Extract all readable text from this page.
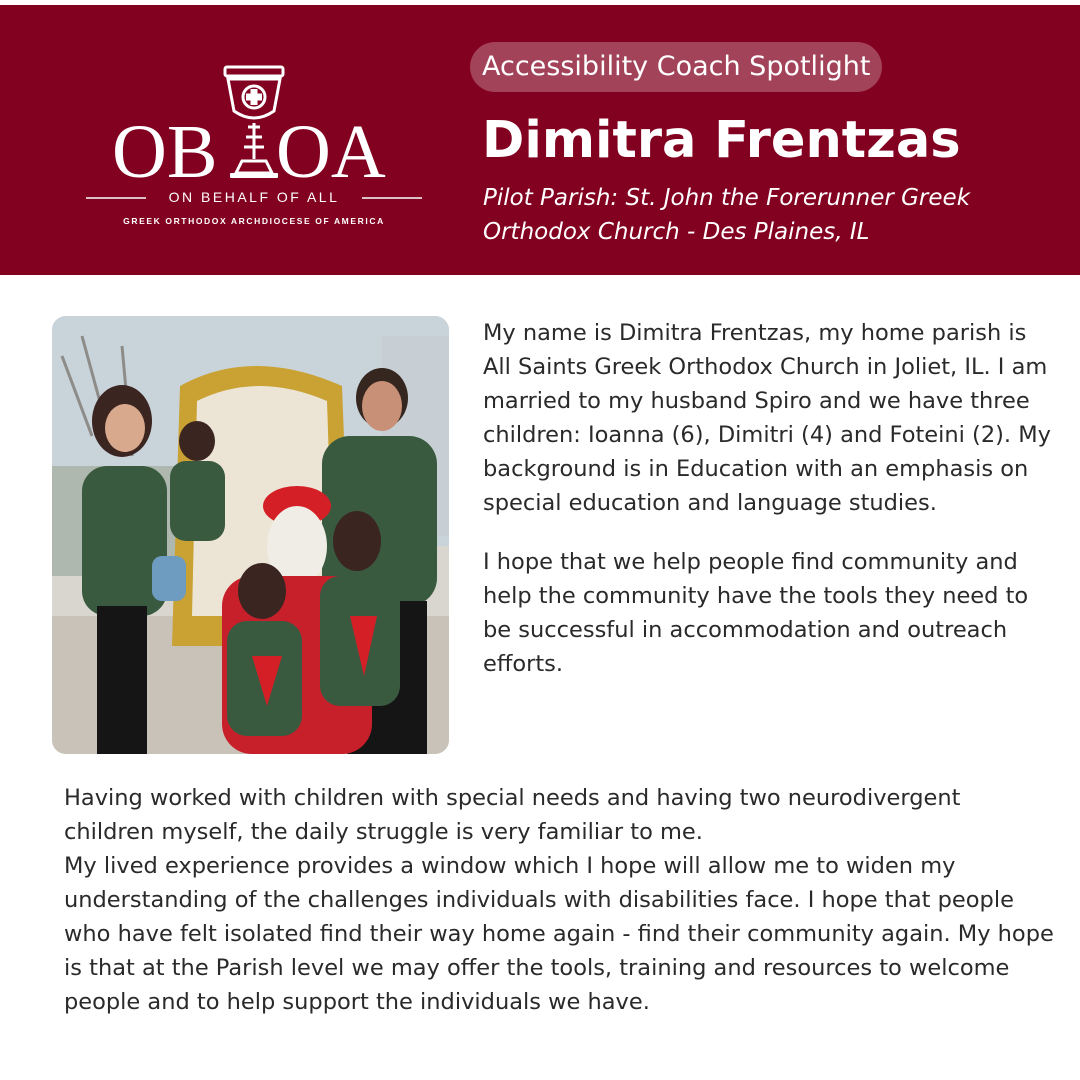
OB OA
ON BEHALF OF ALL
GREEK ORTHODOX ARCHDIOCESE OF AMERICA
Accessibility Coach Spotlight
Dimitra Frentzas
Pilot Parish: St. John the Forerunner Greek Orthodox Church - Des Plaines, IL

My name is Dimitra Frentzas, my home parish is All Saints Greek Orthodox Church in Joliet, IL. I am married to my husband Spiro and we have three children: Ioanna (6), Dimitri (4) and Foteini (2). My background is in Education with an emphasis on special education and language studies.

I hope that we help people find community and help the community have the tools they need to be successful in accommodation and outreach efforts.

Having worked with children with special needs and having two neurodivergent children myself, the daily struggle is very familiar to me.
My lived experience provides a window which I hope will allow me to widen my understanding of the challenges individuals with disabilities face. I hope that people who have felt isolated find their way home again - find their community again. My hope is that at the Parish level we may offer the tools, training and resources to welcome people and to help support the individuals we have.
